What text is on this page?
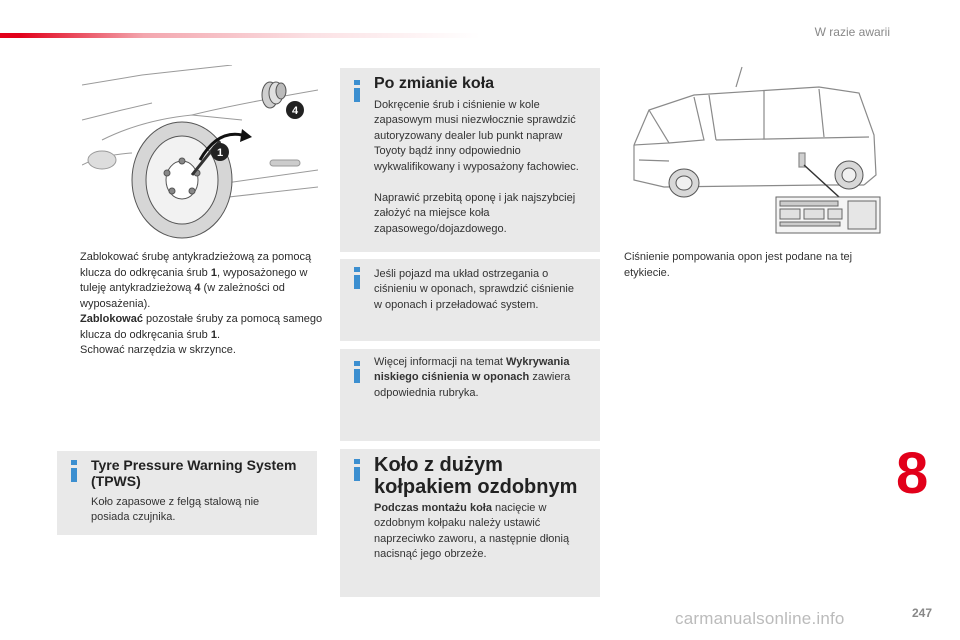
W razie awarii
8
247
carmanualsonline.info
1
4
Zablokować śrubę antykradzieżową za pomocą klucza do odkręcania śrub 1, wyposażonego w tuleję antykradzieżową 4 (w zależności od wyposażenia).
Zablokować pozostałe śruby za pomocą samego klucza do odkręcania śrub 1.
Schować narzędzia w skrzynce.
Tyre Pressure Warning System (TPWS)

Koło zapasowe z felgą stalową nie posiada czujnika.

Po zmianie koła

Dokręcenie śrub i ciśnienie w kole zapasowym musi niezwłocznie sprawdzić autoryzowany dealer lub punkt napraw Toyoty bądź inny odpowiednio wykwalifikowany i wyposażony fachowiec.

Naprawić przebitą oponę i jak najszybciej założyć na miejsce koła zapasowego/dojazdowego.

Jeśli pojazd ma układ ostrzegania o ciśnieniu w oponach, sprawdzić ciśnienie w oponach i przeładować system.

Więcej informacji na temat Wykrywania niskiego ciśnienia w oponach zawiera odpowiednia rubryka.

Koło z dużym kołpakiem ozdobnym

Podczas montażu koła nacięcie w ozdobnym kołpaku należy ustawić naprzeciwko zaworu, a następnie dłonią nacisnąć jego obrzeże.

Ciśnienie pompowania opon jest podane na tej etykiecie.
